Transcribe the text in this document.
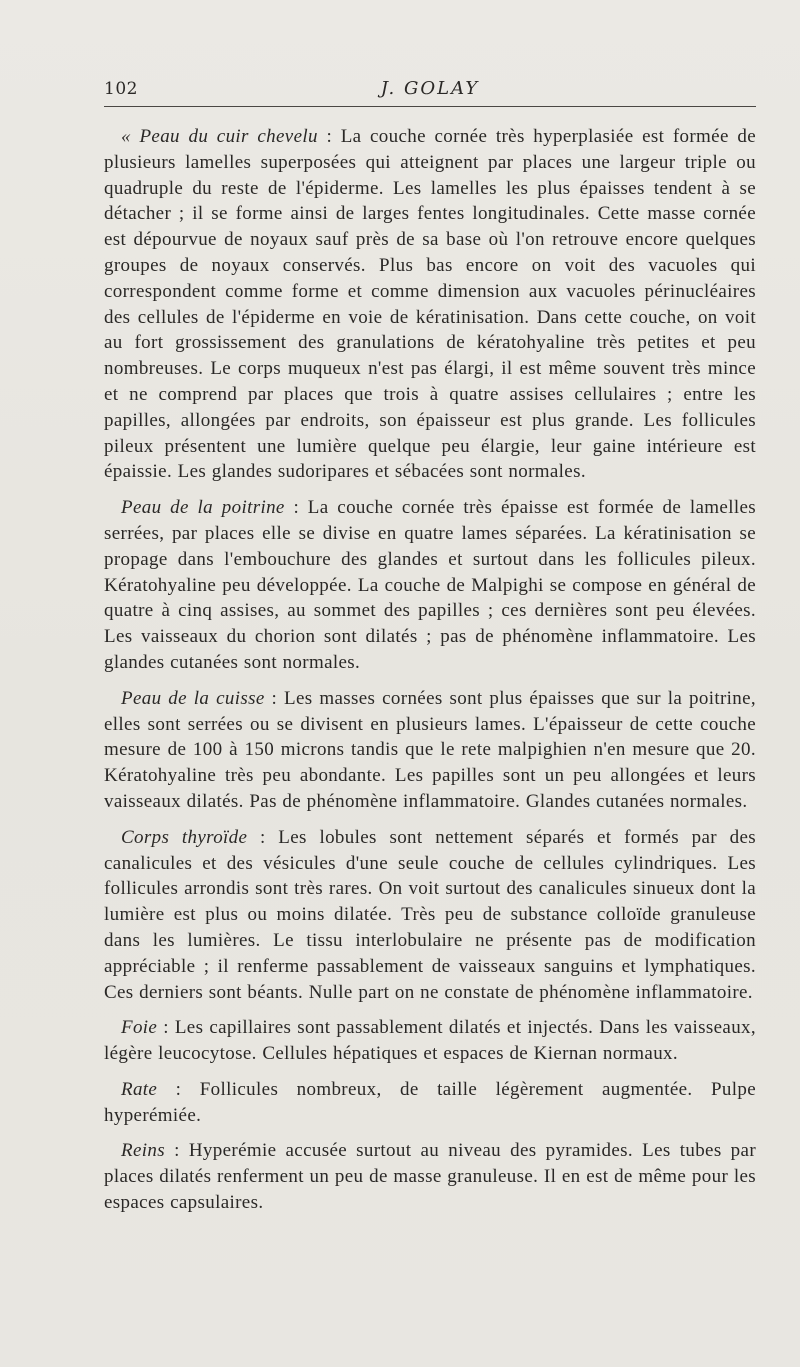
102	J. GOLAY

« Peau du cuir chevelu : La couche cornée très hyperplasiée est formée de plusieurs lamelles superposées qui atteignent par places une largeur triple ou quadruple du reste de l'épiderme. Les lamelles les plus épaisses tendent à se détacher ; il se forme ainsi de larges fentes longitudinales. Cette masse cornée est dépourvue de noyaux sauf près de sa base où l'on retrouve encore quelques groupes de noyaux conservés. Plus bas encore on voit des vacuoles qui correspondent comme forme et comme dimension aux vacuoles périnucléaires des cellules de l'épiderme en voie de kératinisation. Dans cette couche, on voit au fort grossissement des granulations de kératohyaline très petites et peu nombreuses. Le corps muqueux n'est pas élargi, il est même souvent très mince et ne comprend par places que trois à quatre assises cellulaires ; entre les papilles, allongées par endroits, son épaisseur est plus grande. Les follicules pileux présentent une lumière quelque peu élargie, leur gaine intérieure est épaissie. Les glandes sudoripares et sébacées sont normales.

Peau de la poitrine : La couche cornée très épaisse est formée de lamelles serrées, par places elle se divise en quatre lames séparées. La kératinisation se propage dans l'embouchure des glandes et surtout dans les follicules pileux. Kératohyaline peu développée. La couche de Malpighi se compose en général de quatre à cinq assises, au sommet des papilles ; ces dernières sont peu élevées. Les vaisseaux du chorion sont dilatés ; pas de phénomène inflammatoire. Les glandes cutanées sont normales.

Peau de la cuisse : Les masses cornées sont plus épaisses que sur la poitrine, elles sont serrées ou se divisent en plusieurs lames. L'épaisseur de cette couche mesure de 100 à 150 microns tandis que le rete malpighien n'en mesure que 20. Kératohyaline très peu abondante. Les papilles sont un peu allongées et leurs vaisseaux dilatés. Pas de phénomène inflammatoire. Glandes cutanées normales.

Corps thyroïde : Les lobules sont nettement séparés et formés par des canalicules et des vésicules d'une seule couche de cellules cylindriques. Les follicules arrondis sont très rares. On voit surtout des canalicules sinueux dont la lumière est plus ou moins dilatée. Très peu de substance colloïde granuleuse dans les lumières. Le tissu interlobulaire ne présente pas de modification appréciable ; il renferme passablement de vaisseaux sanguins et lymphatiques. Ces derniers sont béants. Nulle part on ne constate de phénomène inflammatoire.

Foie : Les capillaires sont passablement dilatés et injectés. Dans les vaisseaux, légère leucocytose. Cellules hépatiques et espaces de Kiernan normaux.

Rate : Follicules nombreux, de taille légèrement augmentée. Pulpe hyperémiée.

Reins : Hyperémie accusée surtout au niveau des pyramides. Les tubes par places dilatés renferment un peu de masse granuleuse. Il en est de même pour les espaces capsulaires.
